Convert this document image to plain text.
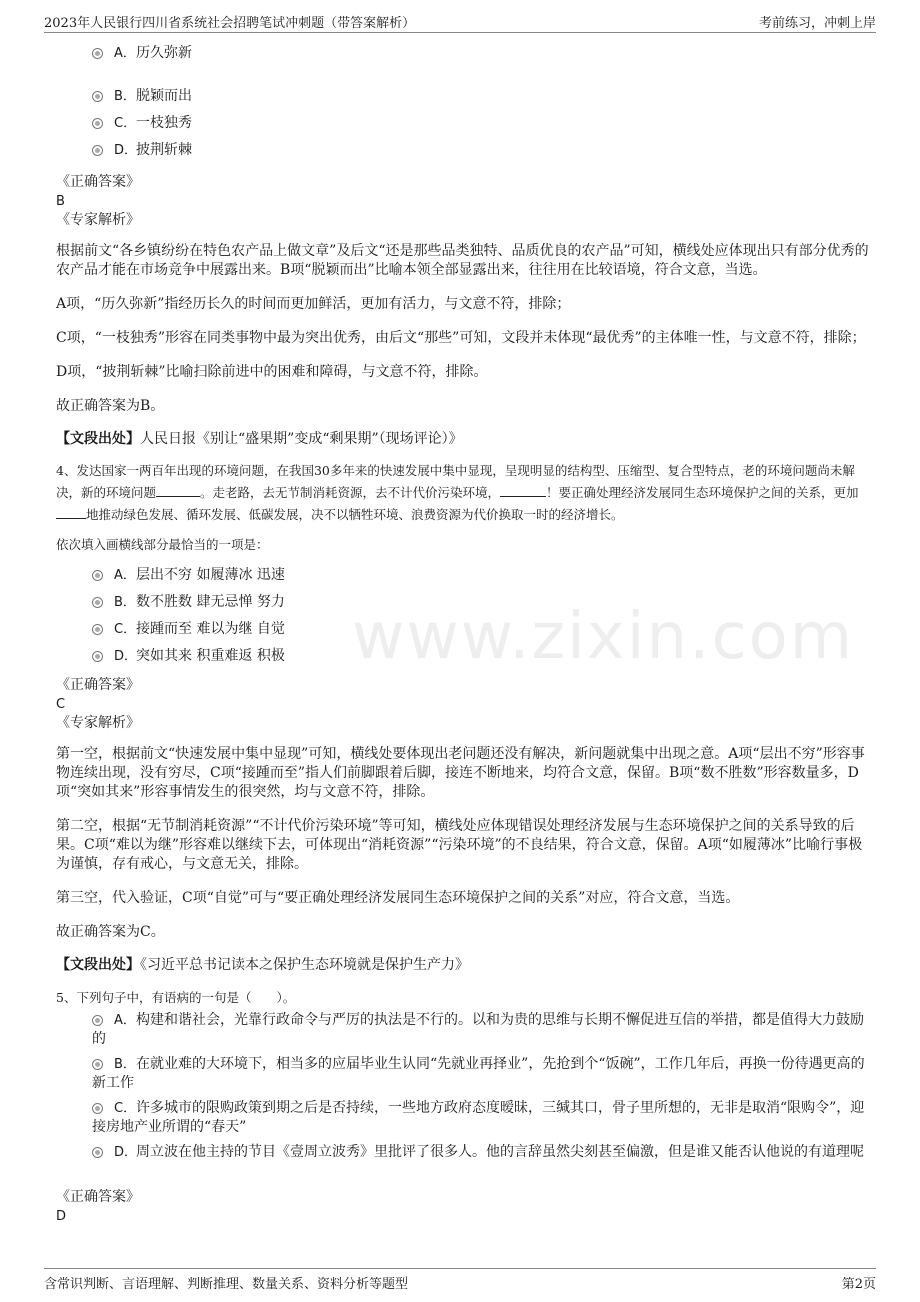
2023年人民银行四川省系统社会招聘笔试冲刺题（带答案解析）	考前练习，冲刺上岸
www.zixin.com
A．历久弥新
B．脱颖而出
C．一枝独秀
D．披荆斩棘
《正确答案》
B
《专家解析》
根据前文“各乡镇纷纷在特色农产品上做文章”及后文“还是那些品类独特、品质优良的农产品”可知，横线处应体现出只有部分优秀的农产品才能在市场竞争中展露出来。B项“脱颖而出”比喻本领全部显露出来，往往用在比较语境，符合文意，当选。
A项，“历久弥新”指经历长久的时间而更加鲜活，更加有活力，与文意不符，排除；
C项，“一枝独秀”形容在同类事物中最为突出优秀，由后文“那些”可知，文段并未体现“最优秀”的主体唯一性，与文意不符，排除；
D项，“披荆斩棘”比喻扫除前进中的困难和障碍，与文意不符，排除。
故正确答案为B。
【文段出处】人民日报《别让“盛果期”变成“剩果期”（现场评论）》
4、发达国家一两百年出现的环境问题，在我国30多年来的快速发展中集中显现，呈现明显的结构型、压缩型、复合型特点，老的环境问题尚未解决，新的环境问题	。走老路，去无节制消耗资源，去不计代价污染环境，	！要正确处理经济发展同生态环境保护之间的关系，更加地推动绿色发展、循环发展、低碳发展，决不以牺牲环境、浪费资源为代价换取一时的经济增长。
依次填入画横线部分最恰当的一项是：
A．层出不穷 如履薄冰 迅速
B．数不胜数 肆无忌惮 努力
C．接踵而至 难以为继 自觉
D．突如其来 积重难返 积极
《正确答案》
C
《专家解析》
第一空，根据前文“快速发展中集中显现”可知，横线处要体现出老问题还没有解决，新问题就集中出现之意。A项“层出不穷”形容事物连续出现，没有穷尽，C项“接踵而至”指人们前脚跟着后脚，接连不断地来，均符合文意，保留。B项“数不胜数”形容数量多，D项“突如其来”形容事情发生的很突然，均与文意不符，排除。
第二空，根据“无节制消耗资源”“不计代价污染环境”等可知，横线处应体现错误处理经济发展与生态环境保护之间的关系导致的后果。C项“难以为继”形容难以继续下去，可体现出“消耗资源”“污染环境”的不良结果，符合文意，保留。A项“如履薄冰”比喻行事极为谨慎，存有戒心，与文意无关，排除。
第三空，代入验证，C项“自觉”可与“要正确处理经济发展同生态环境保护之间的关系”对应，符合文意，当选。
故正确答案为C。
【文段出处】《习近平总书记读本之保护生态环境就是保护生产力》
5、下列句子中，有语病的一句是（　　）。
A．构建和谐社会，光靠行政命令与严厉的执法是不行的。以和为贵的思维与长期不懈促进互信的举措，都是值得大力鼓励的
B．在就业难的大环境下，相当多的应届毕业生认同“先就业再择业”，先抢到个“饭碗”，工作几年后，再换一份待遇更高的新工作
C．许多城市的限购政策到期之后是否持续，一些地方政府态度暧昧，三缄其口，骨子里所想的，无非是取消“限购令”，迎接房地产业所谓的“春天”
D．周立波在他主持的节目《壹周立波秀》里批评了很多人。他的言辞虽然尖刻甚至偏激，但是谁又能否认他说的有道理呢
《正确答案》
D
含常识判断、言语理解、判断推理、数量关系、资料分析等题型	第2页
